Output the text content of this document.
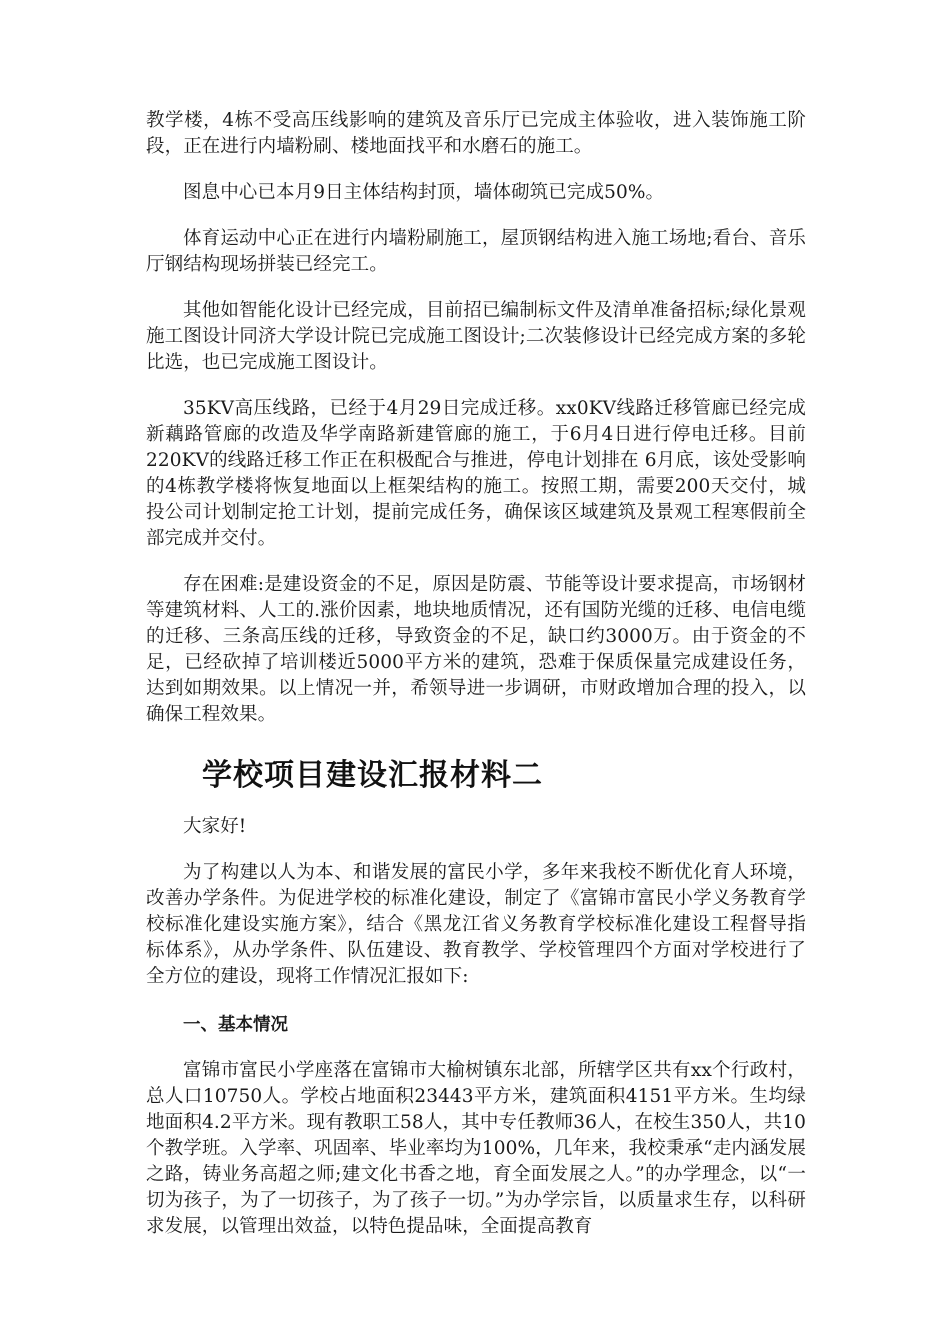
教学楼，4栋不受高压线影响的建筑及音乐厅已完成主体验收，进入装饰施工阶段，正在进行内墙粉刷、楼地面找平和水磨石的施工。

图息中心已本月9日主体结构封顶，墙体砌筑已完成50%。

体育运动中心正在进行内墙粉刷施工，屋顶钢结构进入施工场地;看台、音乐厅钢结构现场拼装已经完工。

其他如智能化设计已经完成，目前招已编制标文件及清单准备招标;绿化景观施工图设计同济大学设计院已完成施工图设计;二次装修设计已经完成方案的多轮比选，也已完成施工图设计。

35KV高压线路，已经于4月29日完成迁移。xx0KV线路迁移管廊已经完成新藕路管廊的改造及华学南路新建管廊的施工，于6月4日进行停电迁移。目前220KV的线路迁移工作正在积极配合与推进，停电计划排在 6月底，该处受影响的4栋教学楼将恢复地面以上框架结构的施工。按照工期，需要200天交付，城投公司计划制定抢工计划，提前完成任务，确保该区域建筑及景观工程寒假前全部完成并交付。

存在困难:是建设资金的不足，原因是防震、节能等设计要求提高，市场钢材等建筑材料、人工的.涨价因素，地块地质情况，还有国防光缆的迁移、电信电缆的迁移、三条高压线的迁移，导致资金的不足，缺口约3000万。由于资金的不足，已经砍掉了培训楼近5000平方米的建筑，恐难于保质保量完成建设任务，达到如期效果。以上情况一并，希领导进一步调研，市财政增加合理的投入，以确保工程效果。

学校项目建设汇报材料二

大家好!

为了构建以人为本、和谐发展的富民小学，多年来我校不断优化育人环境，改善办学条件。为促进学校的标准化建设，制定了《富锦市富民小学义务教育学校标准化建设实施方案》，结合《黑龙江省义务教育学校标准化建设工程督导指标体系》，从办学条件、队伍建设、教育教学、学校管理四个方面对学校进行了全方位的建设，现将工作情况汇报如下:

一、基本情况

富锦市富民小学座落在富锦市大榆树镇东北部，所辖学区共有xx个行政村，总人口10750人。学校占地面积23443平方米，建筑面积4151平方米。生均绿地面积4.2平方米。现有教职工58人，其中专任教师36人，在校生350人，共10个教学班。入学率、巩固率、毕业率均为100%，几年来，我校秉承“走内涵发展之路，铸业务高超之师;建文化书香之地，育全面发展之人。”的办学理念，以“一切为孩子，为了一切孩子，为了孩子一切。”为办学宗旨，以质量求生存，以科研求发展，以管理出效益，以特色提品味，全面提高教育
